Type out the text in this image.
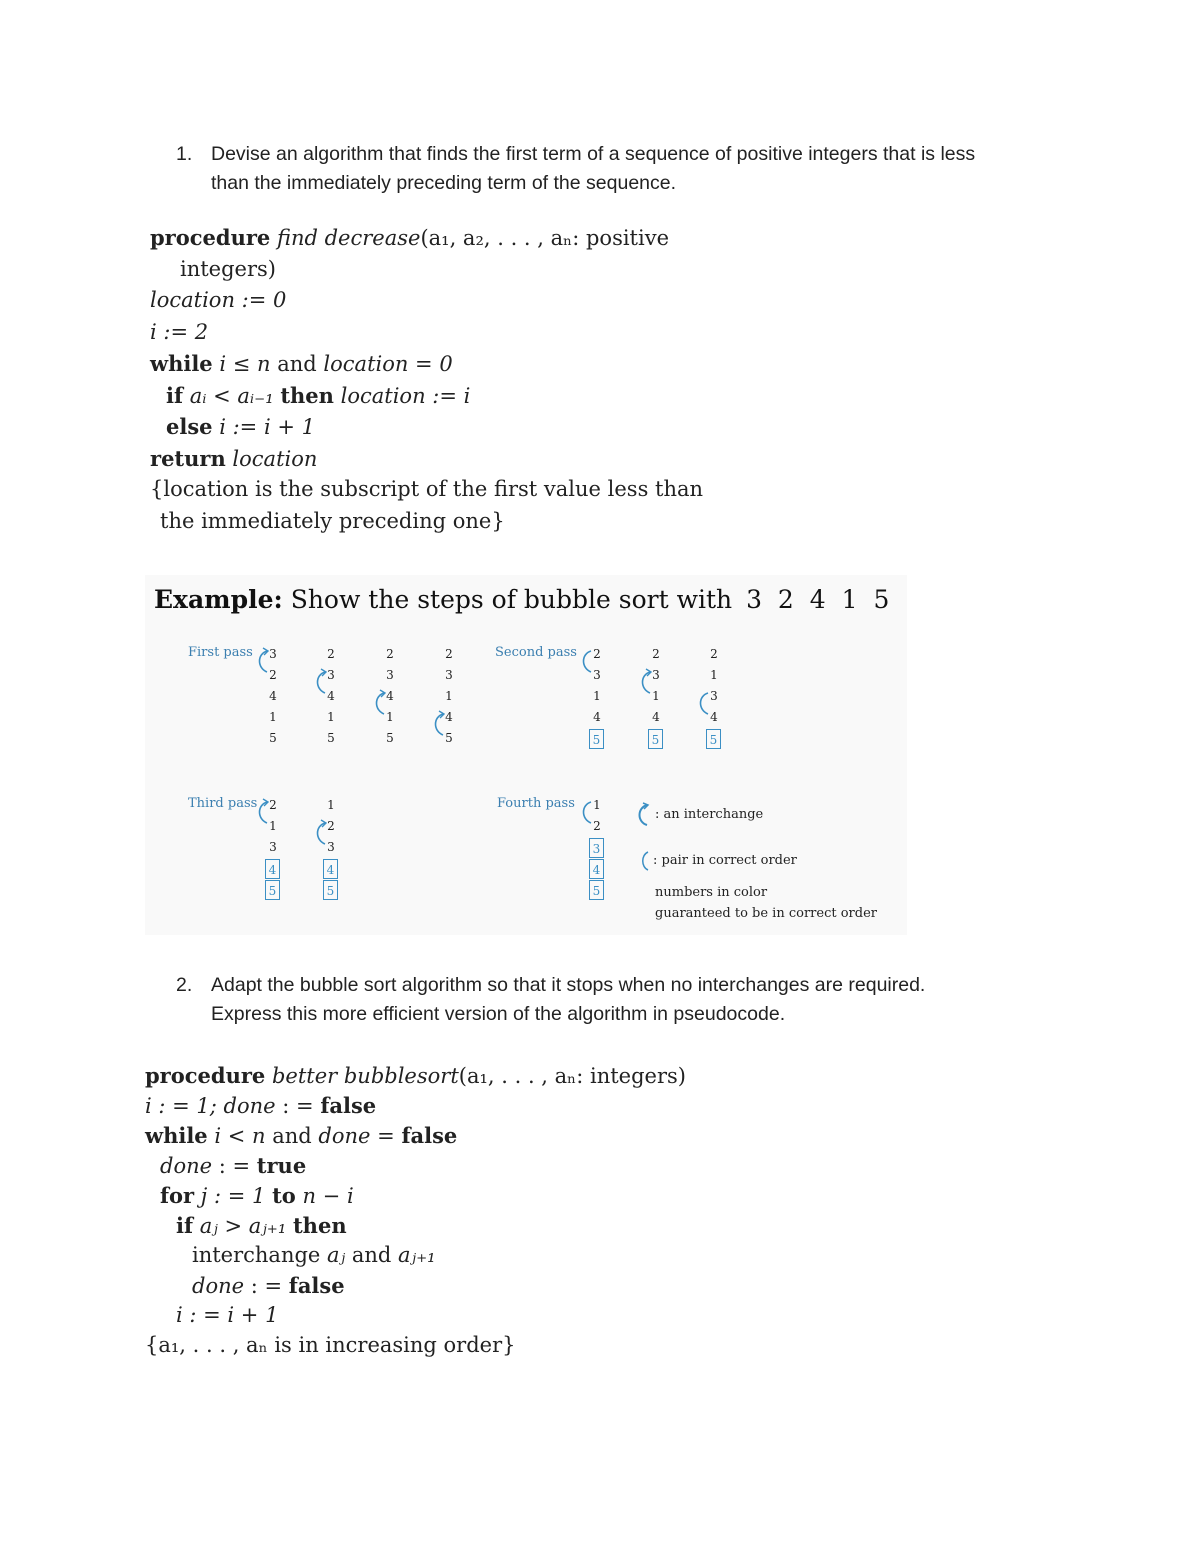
1. Devise an algorithm that finds the first term of a sequence of positive integers that is less
than the immediately preceding term of the sequence.
procedure find decrease(a₁, a₂, . . . , aₙ: positive
integers)
location := 0
i := 2
while i ≤ n and location = 0
if aᵢ < aᵢ₋₁ then location := i
else i := i + 1
return location
{location is the subscript of the first value less than
the immediately preceding one}
Example: Show the steps of bubble sort with 3 2 4 1 5
First pass	Second pass
Third pass	Fourth pass
3
2
4
1
5
2
3
4
1
5
2
3
4
1
5
2
3
1
4
5
2
3
1
4
5
2
3
1
4
5
2
1
3
4
5
2
1
3
4
5
1
2
3
4
5
1
2
3
4
5
: an interchange
: pair in correct order
numbers in color
guaranteed to be in correct order
2. Adapt the bubble sort algorithm so that it stops when no interchanges are required.
Express this more efficient version of the algorithm in pseudocode.
procedure better bubblesort(a₁, . . . , aₙ: integers)
i : = 1; done : = false
while i < n and done = false
done : = true
for j : = 1 to n − i
if aⱼ > aⱼ₊₁ then
interchange aⱼ and aⱼ₊₁
done : = false
i : = i + 1
{a₁, . . . , aₙ is in increasing order}
